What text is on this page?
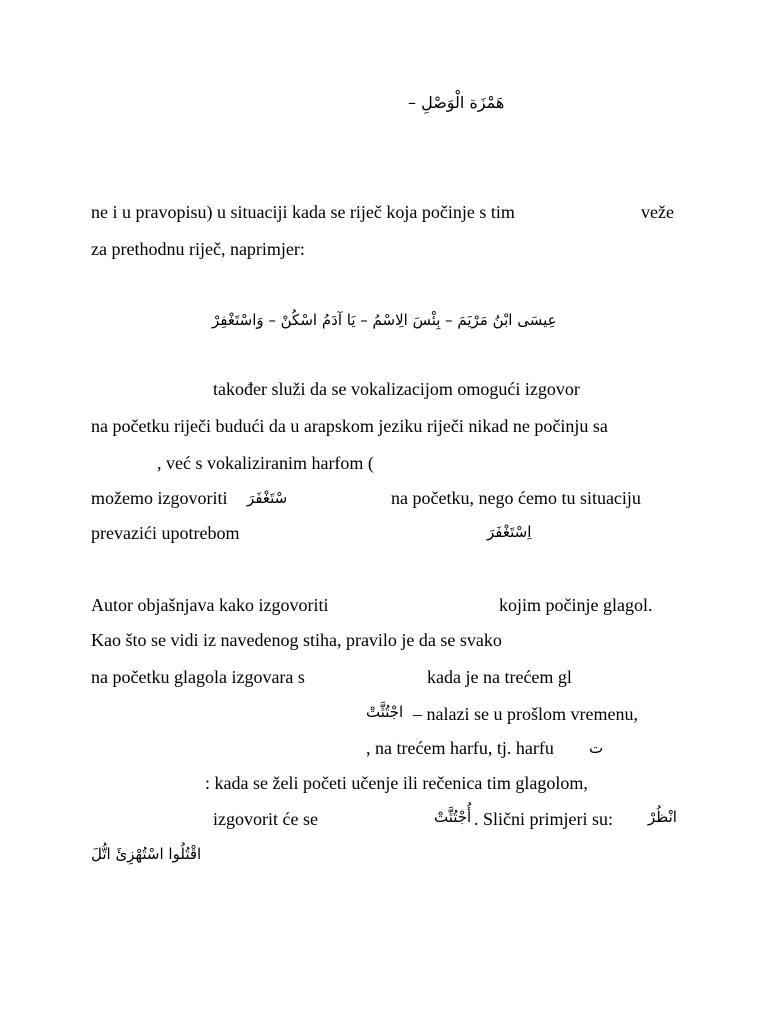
هَمْزَة الْوَصْلِ –
ne i u pravopisu) u situaciji kada se riječ koja počinje s tim	veže
za prethodnu riječ, naprimjer:
عِيسَى ابْنُ مَرْيَمَ – بِئْسَ الِاسْمُ – يَا آدَمُ اسْكُنْ – وَاسْتَغْفِرْ
također služi da se vokalizacijom omogući izgovor
na početku riječi budući da u arapskom jeziku riječi nikad ne počinju sa
, već s vokaliziranim harfom (
možemo izgovoriti سْتَغْفَرَ	na početku, nego ćemo tu situaciju
prevazići upotrebom	اِسْتَغْفَرَ
Autor objašnjava kako izgovoriti	kojim počinje glagol.
Kao što se vidi iz navedenog stiha, pravilo je da se svako
na početku glagola izgovara s	kada je na trećem gl
اجْتُثَّتْ – nalazi se u prošlom vremenu,
, na trećem harfu, tj. harfu ت
: kada se želi početi učenje ili rečenica tim glagolom,
izgovorit će se	أُجْتُثَّتْ . Slični primjeri su: انْظُرْ
اقْتُلُوا اسْتُهْزِئَ اتُّلَ
